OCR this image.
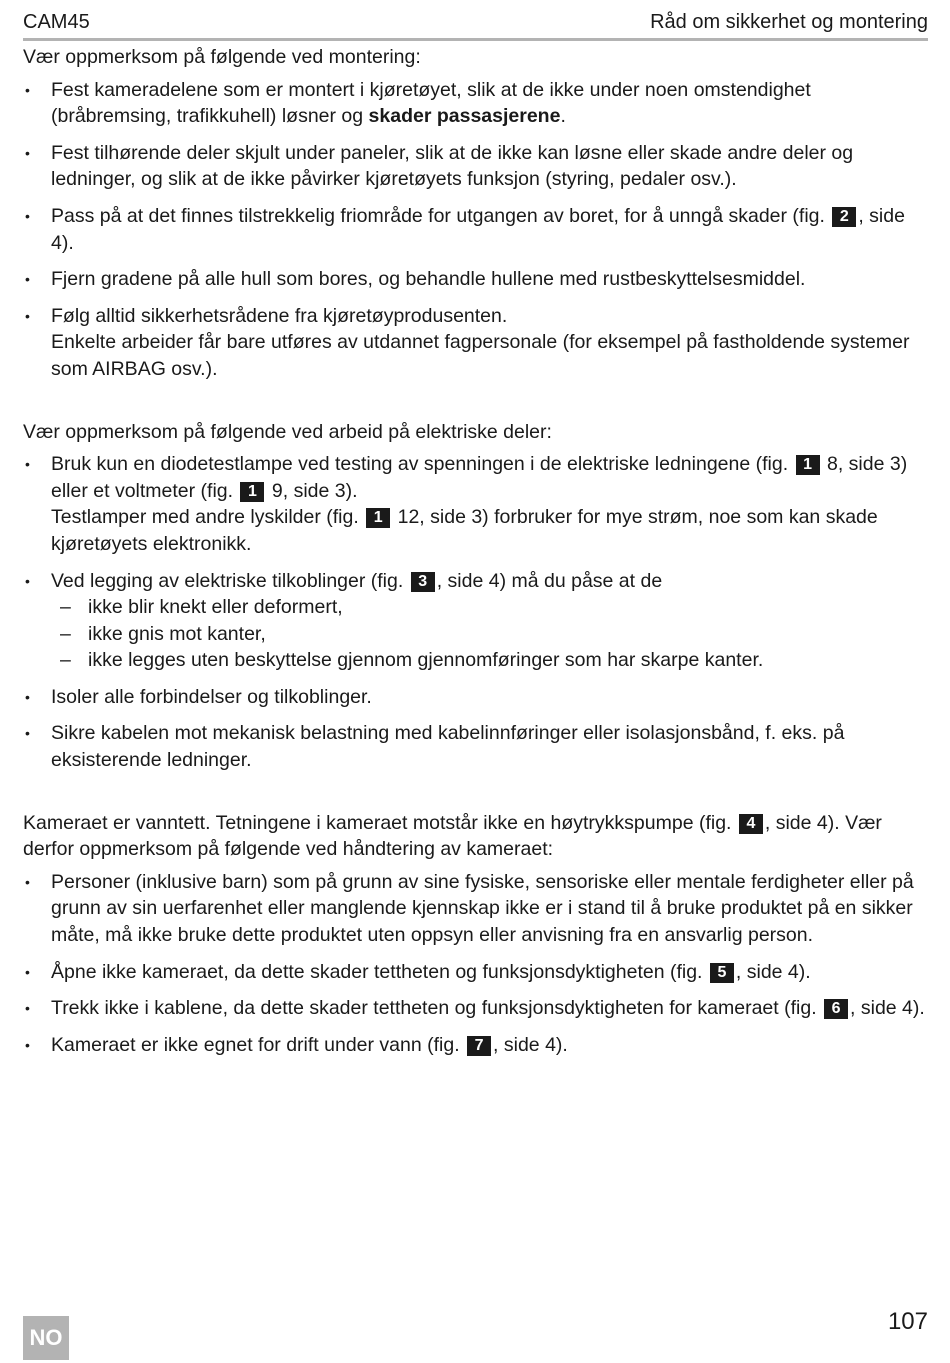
CAM45	Råd om sikkerhet og montering

Vær oppmerksom på følgende ved montering:

• Fest kameradelene som er montert i kjøretøyet, slik at de ikke under noen omstendighet (bråbremsing, trafikkuhell) løsner og skader passasjerene.
• Fest tilhørende deler skjult under paneler, slik at de ikke kan løsne eller skade andre deler og ledninger, og slik at de ikke påvirker kjøretøyets funksjon (styring, pedaler osv.).
• Pass på at det finnes tilstrekkelig friområde for utgangen av boret, for å unngå skader (fig. 2 , side 4).
• Fjern gradene på alle hull som bores, og behandle hullene med rustbeskyttelsesmiddel.
• Følg alltid sikkerhetsrådene fra kjøretøyprodusenten.
Enkelte arbeider får bare utføres av utdannet fagpersonale (for eksempel på fastholdende systemer som AIRBAG osv.).

Vær oppmerksom på følgende ved arbeid på elektriske deler:

• Bruk kun en diodetestlampe ved testing av spenningen i de elektriske ledningene (fig. 1 8, side 3) eller et voltmeter (fig. 1 9, side 3).
Testlamper med andre lyskilder (fig. 1 12, side 3) forbruker for mye strøm, noe som kan skade kjøretøyets elektronikk.
• Ved legging av elektriske tilkoblinger (fig. 3 , side 4) må du påse at de
– ikke blir knekt eller deformert,
– ikke gnis mot kanter,
– ikke legges uten beskyttelse gjennom gjennomføringer som har skarpe kanter.
• Isoler alle forbindelser og tilkoblinger.
• Sikre kabelen mot mekanisk belastning med kabelinnføringer eller isolasjonsbånd, f. eks. på eksisterende ledninger.

Kameraet er vanntett. Tetningene i kameraet motstår ikke en høytrykkspumpe (fig. 4 , side 4). Vær derfor oppmerksom på følgende ved håndtering av kameraet:

• Personer (inklusive barn) som på grunn av sine fysiske, sensoriske eller mentale ferdigheter eller på grunn av sin uerfarenhet eller manglende kjennskap ikke er i stand til å bruke produktet på en sikker måte, må ikke bruke dette produktet uten oppsyn eller anvisning fra en ansvarlig person.
• Åpne ikke kameraet, da dette skader tettheten og funksjonsdyktigheten (fig. 5 , side 4).
• Trekk ikke i kablene, da dette skader tettheten og funksjonsdyktigheten for kameraet (fig. 6 , side 4).
• Kameraet er ikke egnet for drift under vann (fig. 7 , side 4).
NO
107
